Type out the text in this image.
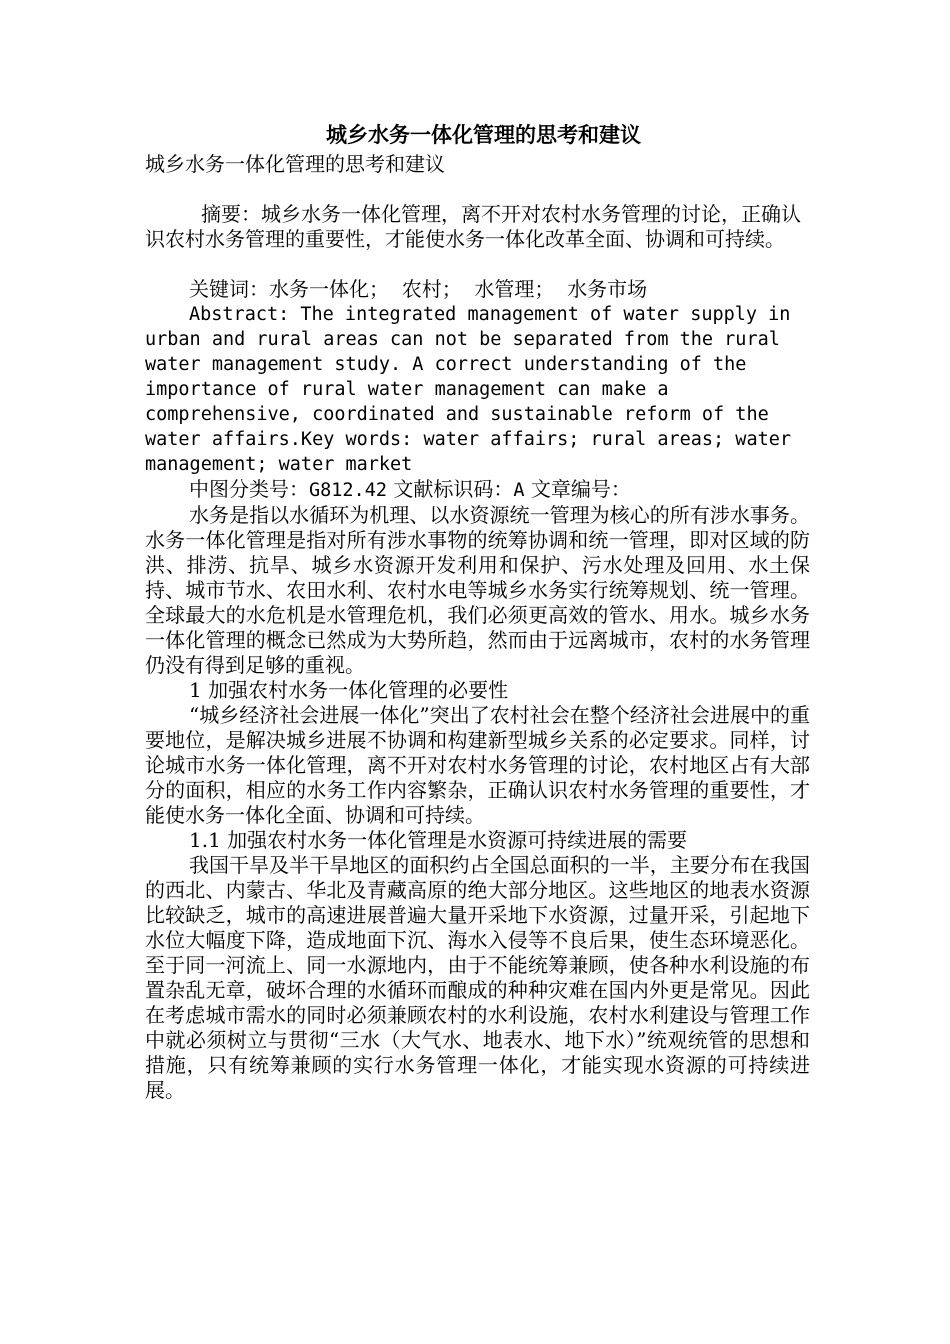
城乡水务一体化管理的思考和建议

城乡水务一体化管理的思考和建议

摘要：城乡水务一体化管理，离不开对农村水务管理的讨论，正确认识农村水务管理的重要性，才能使水务一体化改革全面、协调和可持续。

关键词：水务一体化；  农村；  水管理；  水务市场

Abstract: The integrated management of water supply in urban and rural areas can not be separated from the rural water management study. A correct understanding of the importance of rural water management can make a comprehensive, coordinated and sustainable reform of the water affairs.Key words: water affairs; rural areas; water management; water market

中图分类号：G812.42 文献标识码：A 文章编号：

水务是指以水循环为机理、以水资源统一管理为核心的所有涉水事务。水务一体化管理是指对所有涉水事物的统筹协调和统一管理，即对区域的防洪、排涝、抗旱、城乡水资源开发利用和保护、污水处理及回用、水土保持、城市节水、农田水利、农村水电等城乡水务实行统筹规划、统一管理。全球最大的水危机是水管理危机，我们必须更高效的管水、用水。城乡水务一体化管理的概念已然成为大势所趋，然而由于远离城市，农村的水务管理仍没有得到足够的重视。

1 加强农村水务一体化管理的必要性

“城乡经济社会进展一体化”突出了农村社会在整个经济社会进展中的重要地位，是解决城乡进展不协调和构建新型城乡关系的必定要求。同样，讨论城市水务一体化管理，离不开对农村水务管理的讨论，农村地区占有大部分的面积，相应的水务工作内容繁杂，正确认识农村水务管理的重要性，才能使水务一体化全面、协调和可持续。

1.1 加强农村水务一体化管理是水资源可持续进展的需要

我国干旱及半干旱地区的面积约占全国总面积的一半，主要分布在我国的西北、内蒙古、华北及青藏高原的绝大部分地区。这些地区的地表水资源比较缺乏，城市的高速进展普遍大量开采地下水资源，过量开采，引起地下水位大幅度下降，造成地面下沉、海水入侵等不良后果，使生态环境恶化。至于同一河流上、同一水源地内，由于不能统筹兼顾，使各种水利设施的布置杂乱无章，破坏合理的水循环而酿成的种种灾难在国内外更是常见。因此在考虑城市需水的同时必须兼顾农村的水利设施，农村水利建设与管理工作中就必须树立与贯彻“三水（大气水、地表水、地下水）”统观统管的思想和措施，只有统筹兼顾的实行水务管理一体化，才能实现水资源的可持续进展。
